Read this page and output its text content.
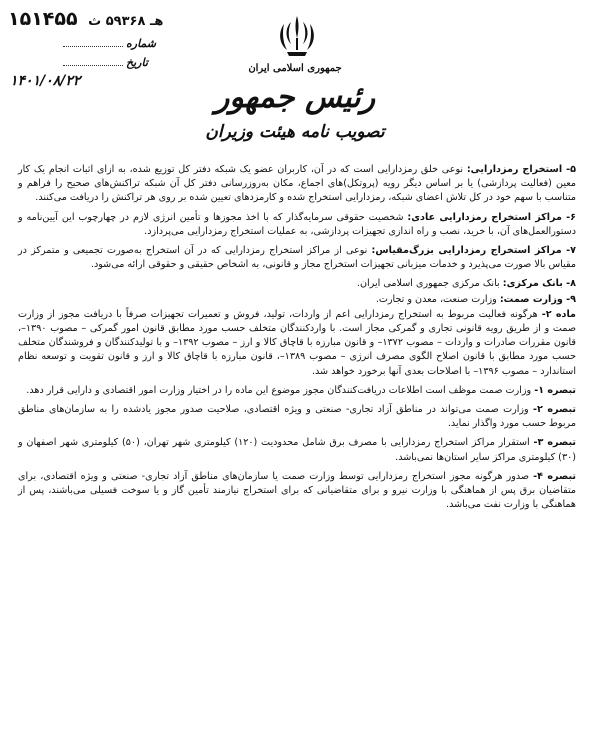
هـ ۵۹۳۶۸ ث ۱۵۱۴۵۵
شماره
تاریخ
۱۴۰۱/۰۸/۲۲
جمهوری اسلامی ایران
رئیس جمهور
تصویب نامه هیئت وزیران

۵- استخراج رمزدارایی: نوعی خلق رمزدارایی است که در آن، کاربران عضو یک شبکه دفتر کل توزیع شده، به ازای اثبات انجام یک کار معین (فعالیت پردازشی) یا بر اساس دیگر رویه (پروتکل)های اجماع، مکان به‌روزرسانی دفتر کل آن شبکه تراکنش‌های صحیح را فراهم و متناسب با سهم خود در کل تلاش اعضای شبکه، رمزدارایی استخراج شده و کارمزدهای تعیین شده بر روی هر تراکنش را دریافت می‌کنند.

۶- مراکز استخراج رمزدارایی عادی: شخصیت حقوقی سرمایه‌گذار که با اخذ مجوزها و تأمین انرژی لازم در چهارچوب این آیین‌نامه و دستورالعمل‌های آن، با خرید، نصب و راه اندازی تجهیزات پردازشی، به عملیات استخراج رمزدارایی می‌پردازد.

۷- مراکز استخراج رمزدارایی بزرگ‌مقیاس: نوعی از مراکز استخراج رمزدارایی که در آن استخراج به‌صورت تجمیعی و متمرکز در مقیاس بالا صورت می‌پذیرد و خدمات میزبانی تجهیزات استخراج مجاز و قانونی، به اشخاص حقیقی و حقوقی ارائه می‌شود.

۸- بانک مرکزی: بانک مرکزی جمهوری اسلامی ایران.

۹- وزارت صمت: وزارت صنعت، معدن و تجارت.

ماده ۲- هرگونه فعالیت مربوط به استخراج رمزدارایی اعم از واردات، تولید، فروش و تعمیرات تجهیزات صرفاً با دریافت مجوز از وزارت صمت و از طریق رویه قانونی تجاری و گمرکی مجاز است. با واردکنندگان متخلف حسب مورد مطابق قانون امور گمرکی – مصوب ۱۳۹۰–، قانون مقررات صادرات و واردات – مصوب ۱۳۷۲– و قانون مبارزه با قاچاق کالا و ارز – مصوب ۱۳۹۲– و با تولیدکنندگان و فروشندگان متخلف حسب مورد مطابق با قانون اصلاح الگوی مصرف انرژی – مصوب ۱۳۸۹–، قانون مبارزه با قاچاق کالا و ارز و قانون تقویت و توسعه نظام استاندارد – مصوب ۱۳۹۶– با اصلاحات بعدی آنها برخورد خواهد شد.

تبصره ۱- وزارت صمت موظف است اطلاعات دریافت‌کنندگان مجوز موضوع این ماده را در اختیار وزارت امور اقتصادی و دارایی قرار دهد.

تبصره ۲- وزارت صمت می‌تواند در مناطق آزاد تجاری- صنعتی و ویژه اقتصادی، صلاحیت صدور مجوز یادشده را به سازمان‌های مناطق مربوط حسب مورد واگذار نماید.

تبصره ۳- استقرار مراکز استخراج رمزدارایی با مصرف برق شامل محدودیت (۱۲۰) کیلومتری شهر تهران، (۵۰) کیلومتری شهر اصفهان و (۳۰) کیلومتری مراکز سایر استان‌ها نمی‌باشد.

تبصره ۴- صدور هرگونه مجوز استخراج رمزدارایی توسط وزارت صمت یا سازمان‌های مناطق آزاد تجاری- صنعتی و ویژه اقتصادی، برای متقاضیان برق پس از هماهنگی با وزارت نیرو و برای متقاضیانی که برای استخراج نیازمند تأمین گاز و یا سوخت فسیلی می‌باشند، پس از هماهنگی با وزارت نفت می‌باشد.
